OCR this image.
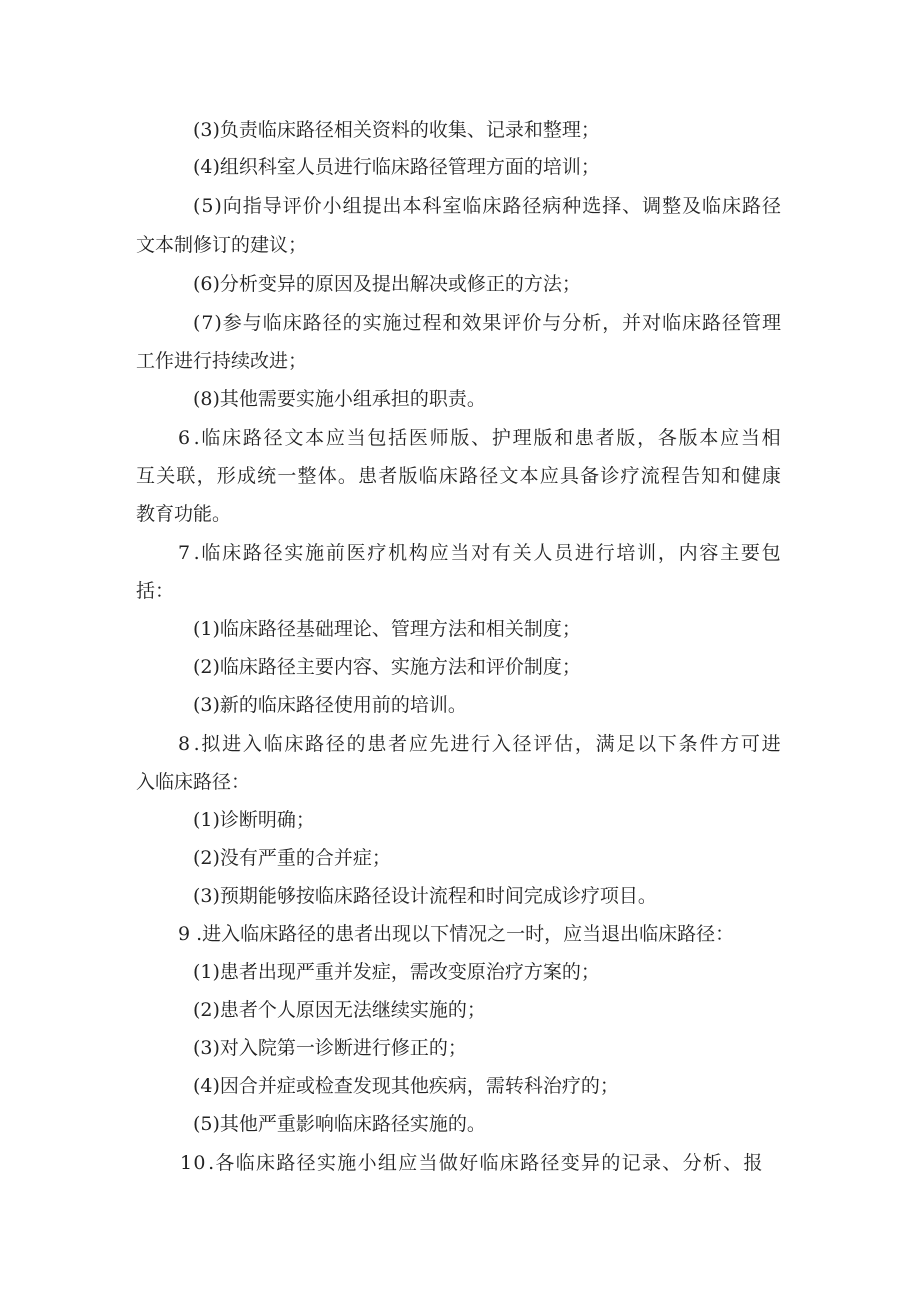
(3)负责临床路径相关资料的收集、记录和整理；
(4)组织科室人员进行临床路径管理方面的培训；
( 5 ) 向 指 导 评 价 小 组 提 出 本 科 室 临 床 路 径 病 种 选 择 、 调 整 及 临 床 路 径
文本制修订的建议；
(6)分析变异的原因及提出解决或修正的方法；
( 7 ) 参 与 临 床 路 径 的 实 施 过 程 和 效 果 评 价 与 分 析 ， 并 对 临 床 路 径 管 理
工作进行持续改进；
(8)其他需要实施小组承担的职责。
6 . 临 床 路 径 文 本 应 当 包 括 医 师 版 、 护 理 版 和 患 者 版 ， 各 版 本 应 当 相
互 关 联 ， 形 成 统 一 整 体 。 患 者 版 临 床 路 径 文 本 应 具 备 诊 疗 流 程 告 知 和 健 康
教育功能。
7 . 临 床 路 径 实 施 前 医 疗 机 构 应 当 对 有 关 人 员 进 行 培 训 ， 内 容 主 要 包
括：
(1)临床路径基础理论、管理方法和相关制度；
(2)临床路径主要内容、实施方法和评价制度；
(3)新的临床路径使用前的培训。
8 . 拟 进 入 临 床 路 径 的 患 者 应 先 进 行 入 径 评 估 ， 满 足 以 下 条 件 方 可 进
入临床路径：
(1)诊断明确；
(2)没有严重的合并症；
(3)预期能够按临床路径设计流程和时间完成诊疗项目。
9 .进入临床路径的患者出现以下情况之一时，应当退出临床路径：
(1)患者出现严重并发症，需改变原治疗方案的；
(2)患者个人原因无法继续实施的；
(3)对入院第一诊断进行修正的；
(4)因合并症或检查发现其他疾病，需转科治疗的；
(5)其他严重影响临床路径实施的。
1 0 . 各 临 床 路 径 实 施 小 组 应 当 做 好 临 床 路 径 变 异 的 记 录 、 分 析 、 报
